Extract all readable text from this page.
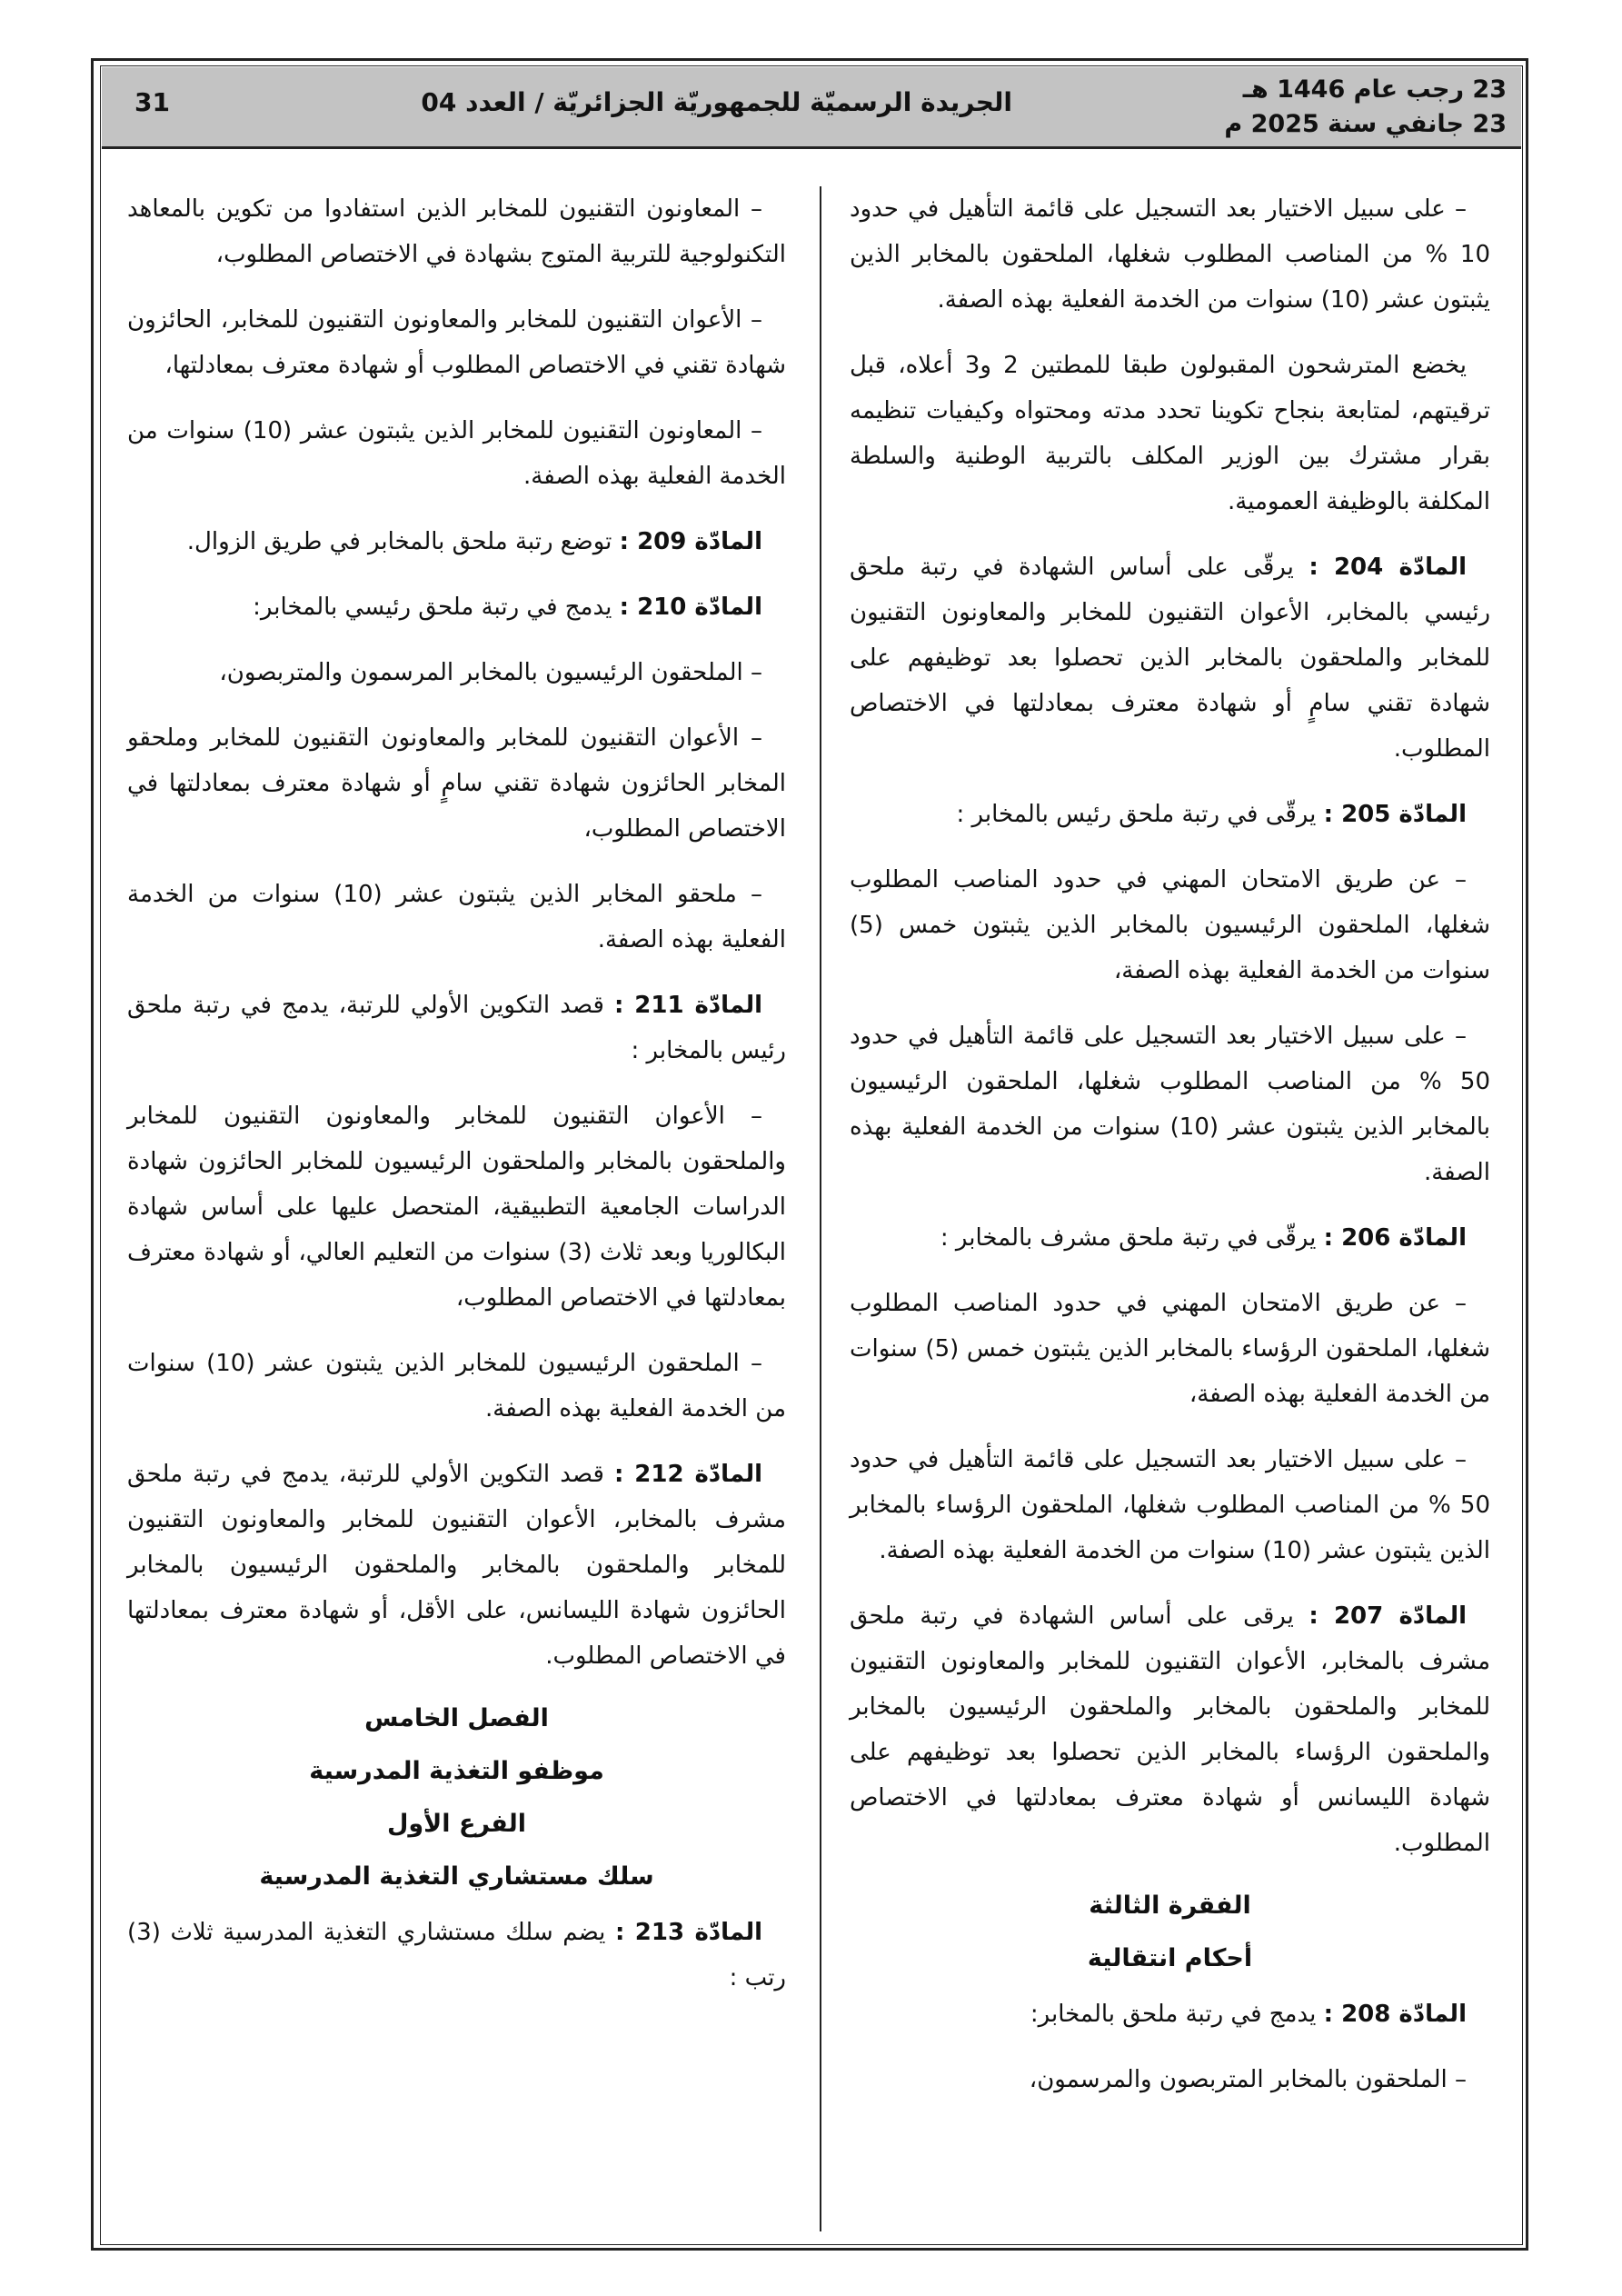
23 رجب عام 1446 هـ
23 جانفي سنة 2025 م
الجريدة الرسميّة للجمهوريّة الجزائريّة / العدد 04
31

– على سبيل الاختيار بعد التسجيل على قائمة التأهيل في حدود 10 % من المناصب المطلوب شغلها، الملحقون بالمخابر الذين يثبتون عشر (10) سنوات من الخدمة الفعلية بهذه الصفة.

يخضع المترشحون المقبولون طبقا للمطتين 2 و3 أعلاه، قبل ترقيتهم، لمتابعة بنجاح تكوينا تحدد مدته ومحتواه وكيفيات تنظيمه بقرار مشترك بين الوزير المكلف بالتربية الوطنية والسلطة المكلفة بالوظيفة العمومية.

المادّة 204 : يرقّى على أساس الشهادة في رتبة ملحق رئيسي بالمخابر، الأعوان التقنيون للمخابر والمعاونون التقنيون للمخابر والملحقون بالمخابر الذين تحصلوا بعد توظيفهم على شهادة تقني سامٍ أو شهادة معترف بمعادلتها في الاختصاص المطلوب.

المادّة 205 : يرقّى في رتبة ملحق رئيس بالمخابر :

– عن طريق الامتحان المهني في حدود المناصب المطلوب شغلها، الملحقون الرئيسيون بالمخابر الذين يثبتون خمس (5) سنوات من الخدمة الفعلية بهذه الصفة،

– على سبيل الاختيار بعد التسجيل على قائمة التأهيل في حدود 50 % من المناصب المطلوب شغلها، الملحقون الرئيسيون بالمخابر الذين يثبتون عشر (10) سنوات من الخدمة الفعلية بهذه الصفة.

المادّة 206 : يرقّى في رتبة ملحق مشرف بالمخابر :

– عن طريق الامتحان المهني في حدود المناصب المطلوب شغلها، الملحقون الرؤساء بالمخابر الذين يثبتون خمس (5) سنوات من الخدمة الفعلية بهذه الصفة،

– على سبيل الاختيار بعد التسجيل على قائمة التأهيل في حدود 50 % من المناصب المطلوب شغلها، الملحقون الرؤساء بالمخابر الذين يثبتون عشر (10) سنوات من الخدمة الفعلية بهذه الصفة.

المادّة 207 : يرقى على أساس الشهادة في رتبة ملحق مشرف بالمخابر، الأعوان التقنيون للمخابر والمعاونون التقنيون للمخابر والملحقون بالمخابر والملحقون الرئيسيون بالمخابر والملحقون الرؤساء بالمخابر الذين تحصلوا بعد توظيفهم على شهادة الليسانس أو شهادة معترف بمعادلتها في الاختصاص المطلوب.

الفقرة الثالثة
أحكام انتقالية

المادّة 208 : يدمج في رتبة ملحق بالمخابر:

– الملحقون بالمخابر المتربصون والمرسمون،

– المعاونون التقنيون للمخابر الذين استفادوا من تكوين بالمعاهد التكنولوجية للتربية المتوج بشهادة في الاختصاص المطلوب،

– الأعوان التقنيون للمخابر والمعاونون التقنيون للمخابر، الحائزون شهادة تقني في الاختصاص المطلوب أو شهادة معترف بمعادلتها،

– المعاونون التقنيون للمخابر الذين يثبتون عشر (10) سنوات من الخدمة الفعلية بهذه الصفة.

المادّة 209 : توضع رتبة ملحق بالمخابر في طريق الزوال.

المادّة 210 : يدمج في رتبة ملحق رئيسي بالمخابر:

– الملحقون الرئيسيون بالمخابر المرسمون والمتربصون،

– الأعوان التقنيون للمخابر والمعاونون التقنيون للمخابر وملحقو المخابر الحائزون شهادة تقني سامٍ أو شهادة معترف بمعادلتها في الاختصاص المطلوب،

– ملحقو المخابر الذين يثبتون عشر (10) سنوات من الخدمة الفعلية بهذه الصفة.

المادّة 211 : قصد التكوين الأولي للرتبة، يدمج في رتبة ملحق رئيس بالمخابر :

– الأعوان التقنيون للمخابر والمعاونون التقنيون للمخابر والملحقون بالمخابر والملحقون الرئيسيون للمخابر الحائزون شهادة الدراسات الجامعية التطبيقية، المتحصل عليها على أساس شهادة البكالوريا وبعد ثلاث (3) سنوات من التعليم العالي، أو شهادة معترف بمعادلتها في الاختصاص المطلوب،

– الملحقون الرئيسيون للمخابر الذين يثبتون عشر (10) سنوات من الخدمة الفعلية بهذه الصفة.

المادّة 212 : قصد التكوين الأولي للرتبة، يدمج في رتبة ملحق مشرف بالمخابر، الأعوان التقنيون للمخابر والمعاونون التقنيون للمخابر والملحقون بالمخابر والملحقون الرئيسيون بالمخابر الحائزون شهادة الليسانس، على الأقل، أو شهادة معترف بمعادلتها في الاختصاص المطلوب.

الفصل الخامس
موظفو التغذية المدرسية
الفرع الأول
سلك مستشاري التغذية المدرسية

المادّة 213 : يضم سلك مستشاري التغذية المدرسية ثلاث (3) رتب :
